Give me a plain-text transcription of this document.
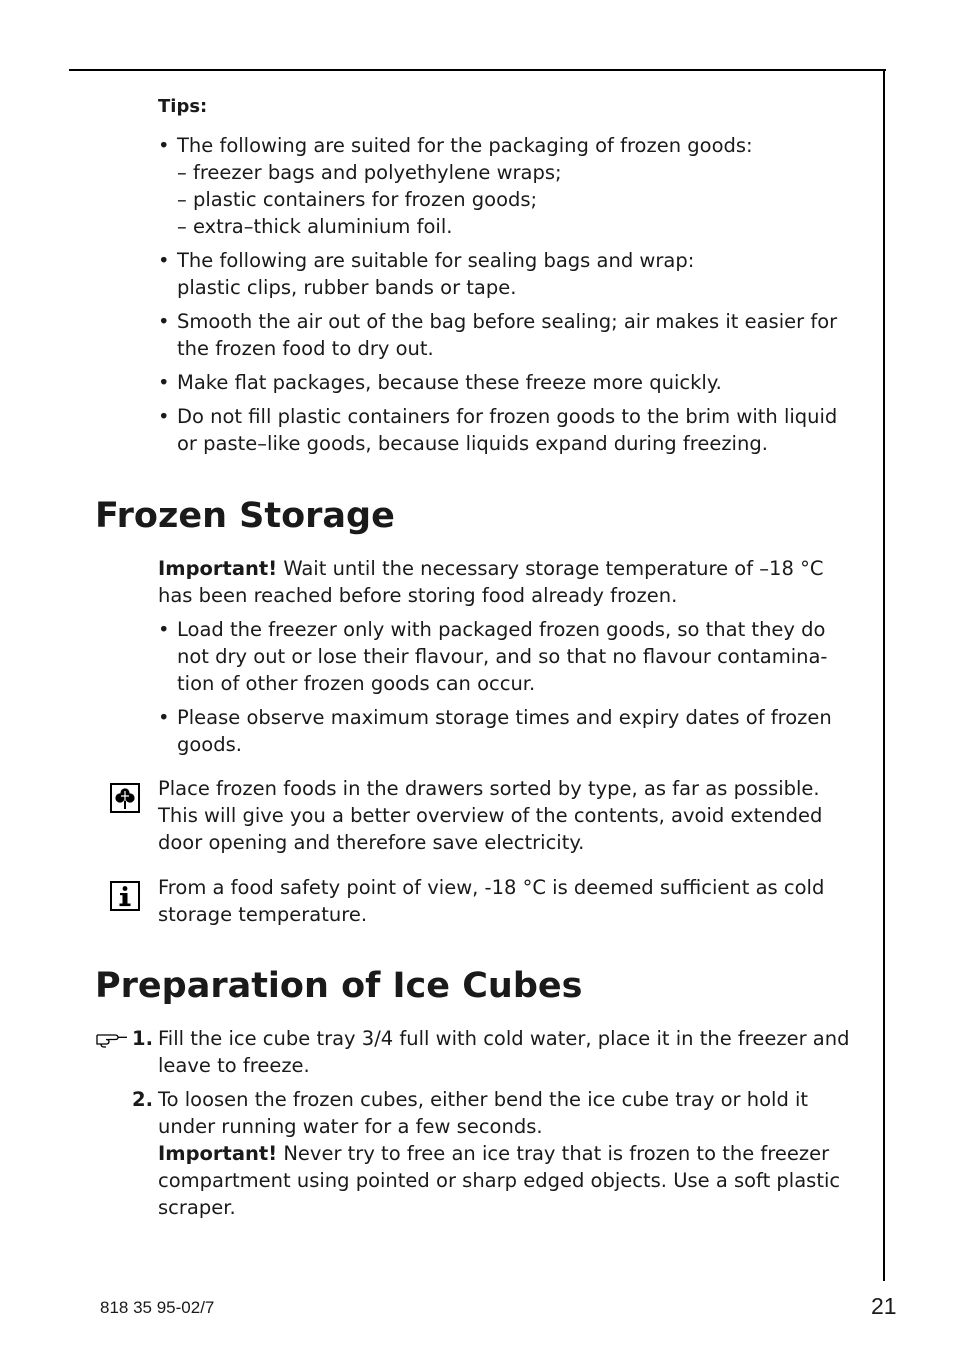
Tips:
• The following are suited for the packaging of frozen goods:
– freezer bags and polyethylene wraps;
– plastic containers for frozen goods;
– extra–thick aluminium foil.
• The following are suitable for sealing bags and wrap:
plastic clips, rubber bands or tape.
• Smooth the air out of the bag before sealing; air makes it easier for the frozen food to dry out.
• Make flat packages, because these freeze more quickly.
• Do not fill plastic containers for frozen goods to the brim with liquid or paste–like goods, because liquids expand during freezing.
Frozen Storage
Important! Wait until the necessary storage temperature of –18 °C has been reached before storing food already frozen.
• Load the freezer only with packaged frozen goods, so that they do not dry out or lose their flavour, and so that no flavour contamina-tion of other frozen goods can occur.
• Please observe maximum storage times and expiry dates of frozen goods.
Place frozen foods in the drawers sorted by type, as far as possible. This will give you a better overview of the contents, avoid extended door opening and therefore save electricity.
From a food safety point of view, -18 °C is deemed sufficient as cold storage temperature.
Preparation of Ice Cubes
1. Fill the ice cube tray 3/4 full with cold water, place it in the freezer and leave to freeze.
2. To loosen the frozen cubes, either bend the ice cube tray or hold it under running water for a few seconds.
Important! Never try to free an ice tray that is frozen to the freezer compartment using pointed or sharp edged objects. Use a soft plastic scraper.
818 35 95-02/7	21
